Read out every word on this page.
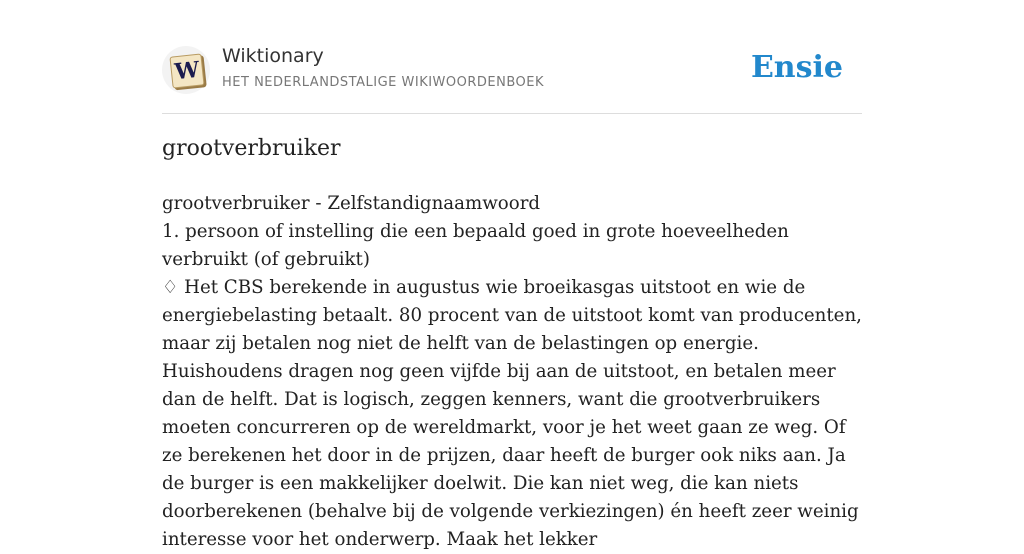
W
Wiktionary
HET NEDERLANDSTALIGE WIKIWOORDENBOEK	Ensie
grootverbruiker

grootverbruiker - Zelfstandignaamwoord

1. persoon of instelling die een bepaald goed in grote hoeveelheden verbruikt (of gebruikt)

♢ Het CBS berekende in augustus wie broeikasgas uitstoot en wie de energiebelasting betaalt. 80 procent van de uitstoot komt van producenten, maar zij betalen nog niet de helft van de belastingen op energie. Huishoudens dragen nog geen vijfde bij aan de uitstoot, en betalen meer dan de helft. Dat is logisch, zeggen kenners, want die grootverbruikers moeten concurreren op de wereldmarkt, voor je het weet gaan ze weg. Of ze berekenen het door in de prijzen, daar heeft de burger ook niks aan. Ja de burger is een makkelijker doelwit. Die kan niet weg, die kan niets doorberekenen (behalve bij de volgende verkiezingen) én heeft zeer weinig interesse voor het onderwerp. Maak het lekker
